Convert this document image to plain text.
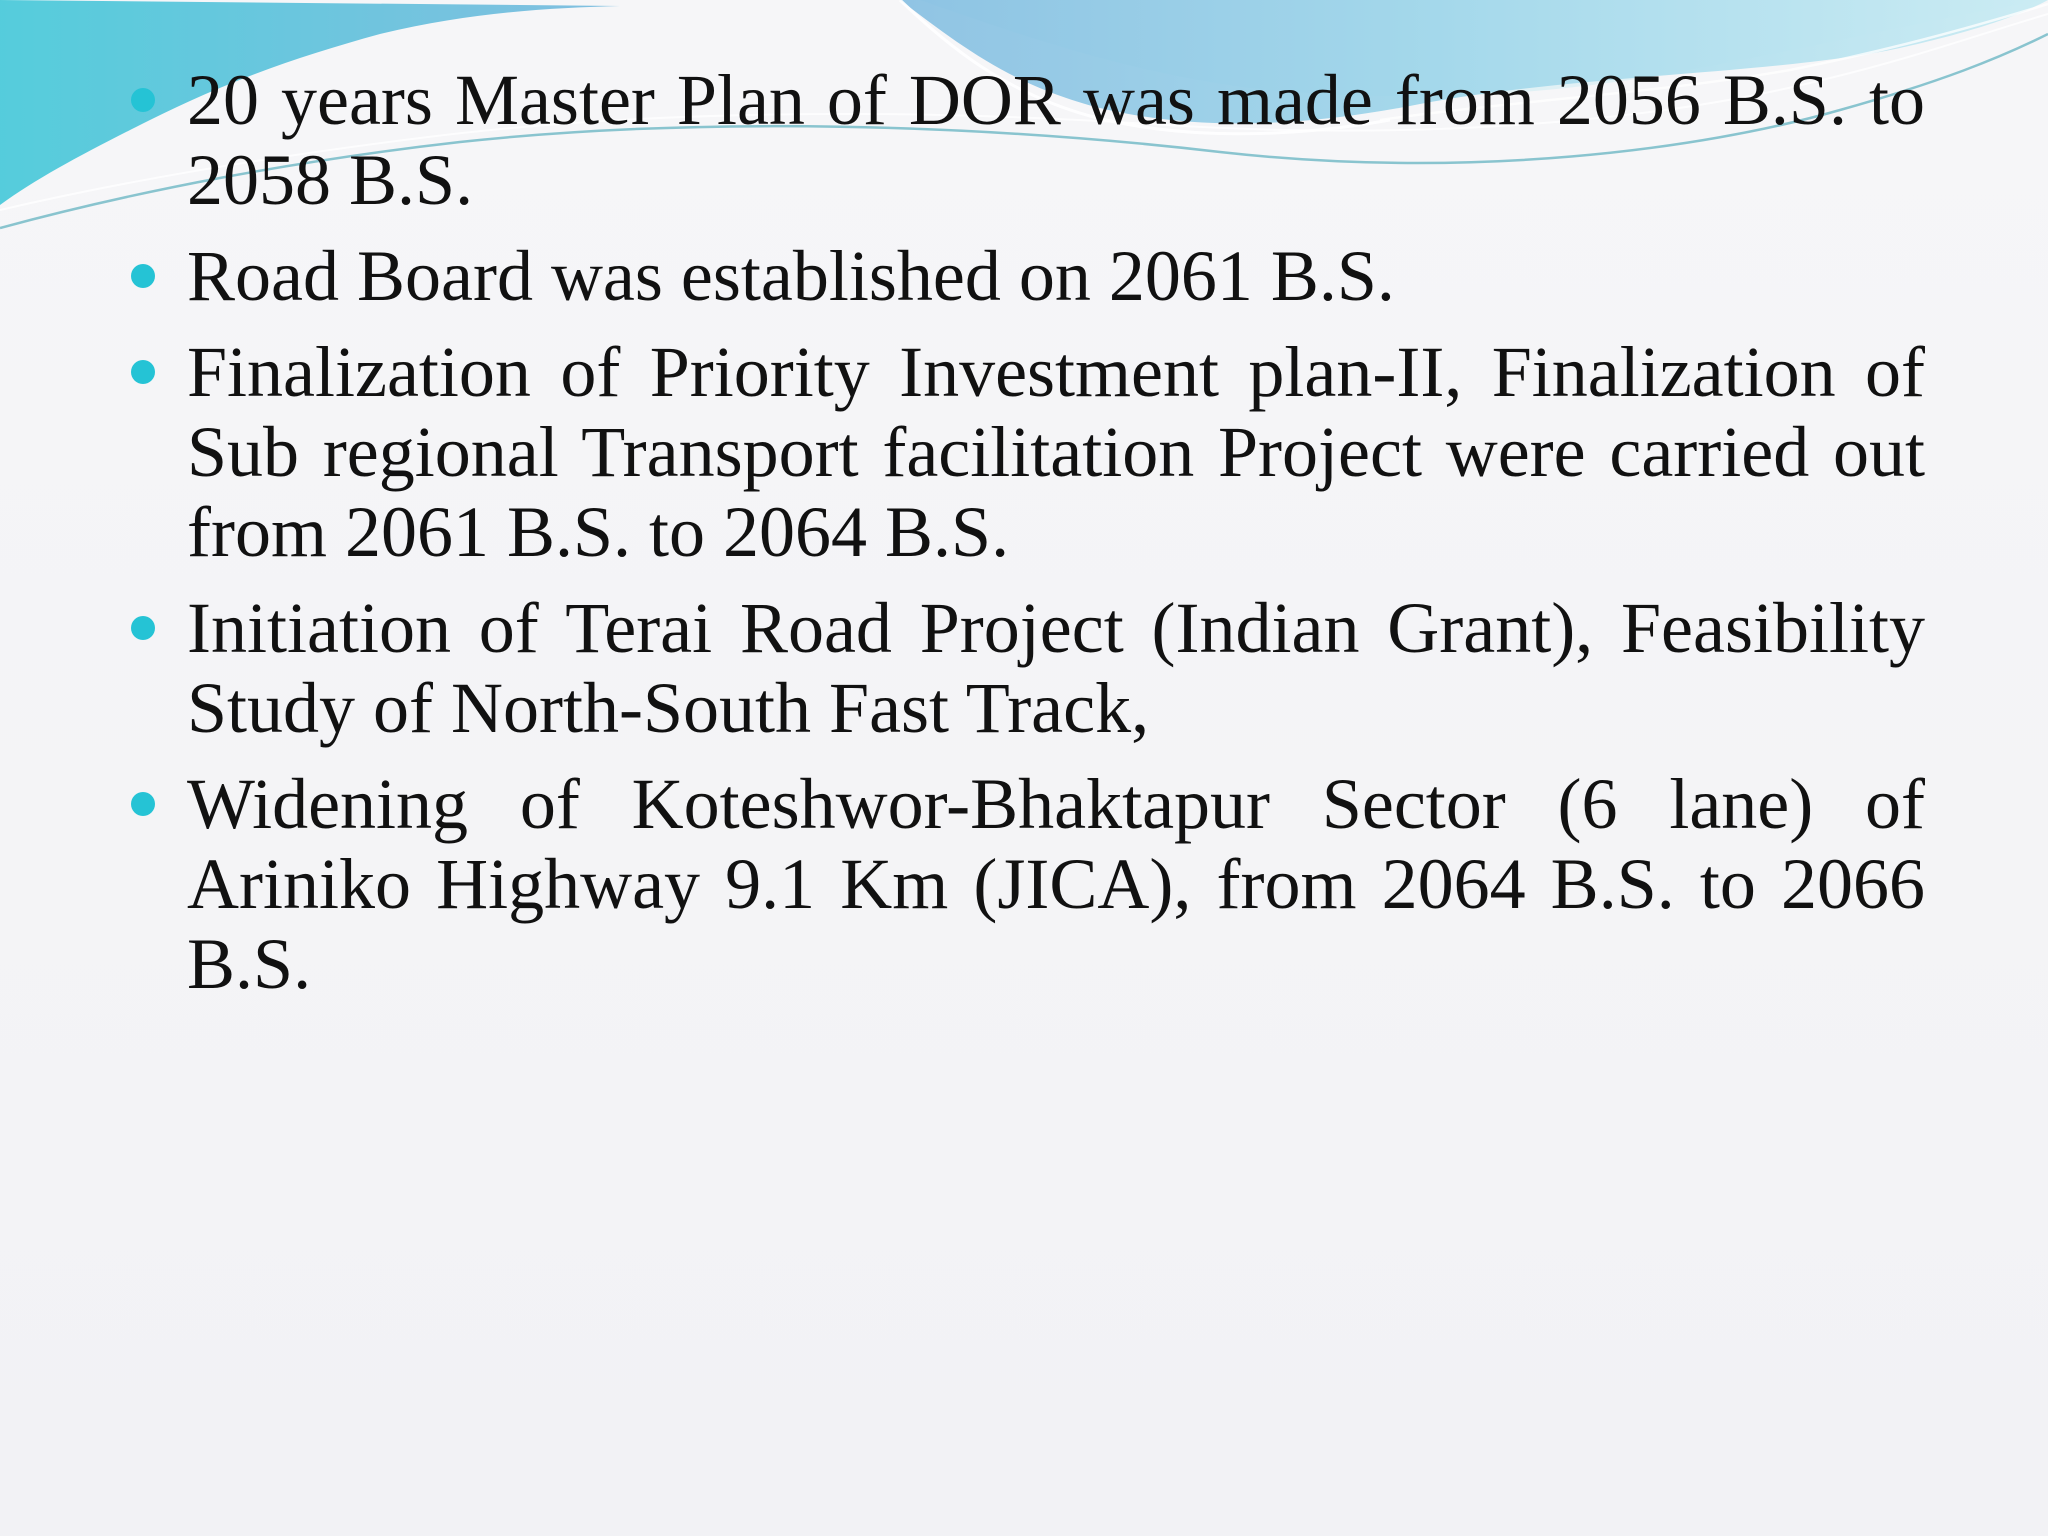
20 years Master Plan of DOR was made from 2056 B.S. to 2058 B.S.
Road Board was established on 2061 B.S.
Finalization of Priority Investment plan-II, Finalization of Sub regional Transport facilitation Project were carried out from 2061 B.S. to 2064 B.S.
Initiation of Terai Road Project (Indian Grant), Feasibility Study of North-South Fast Track,
Widening of Koteshwor-Bhaktapur Sector (6 lane) of Ariniko Highway 9.1 Km (JICA), from 2064 B.S. to 2066 B.S.
